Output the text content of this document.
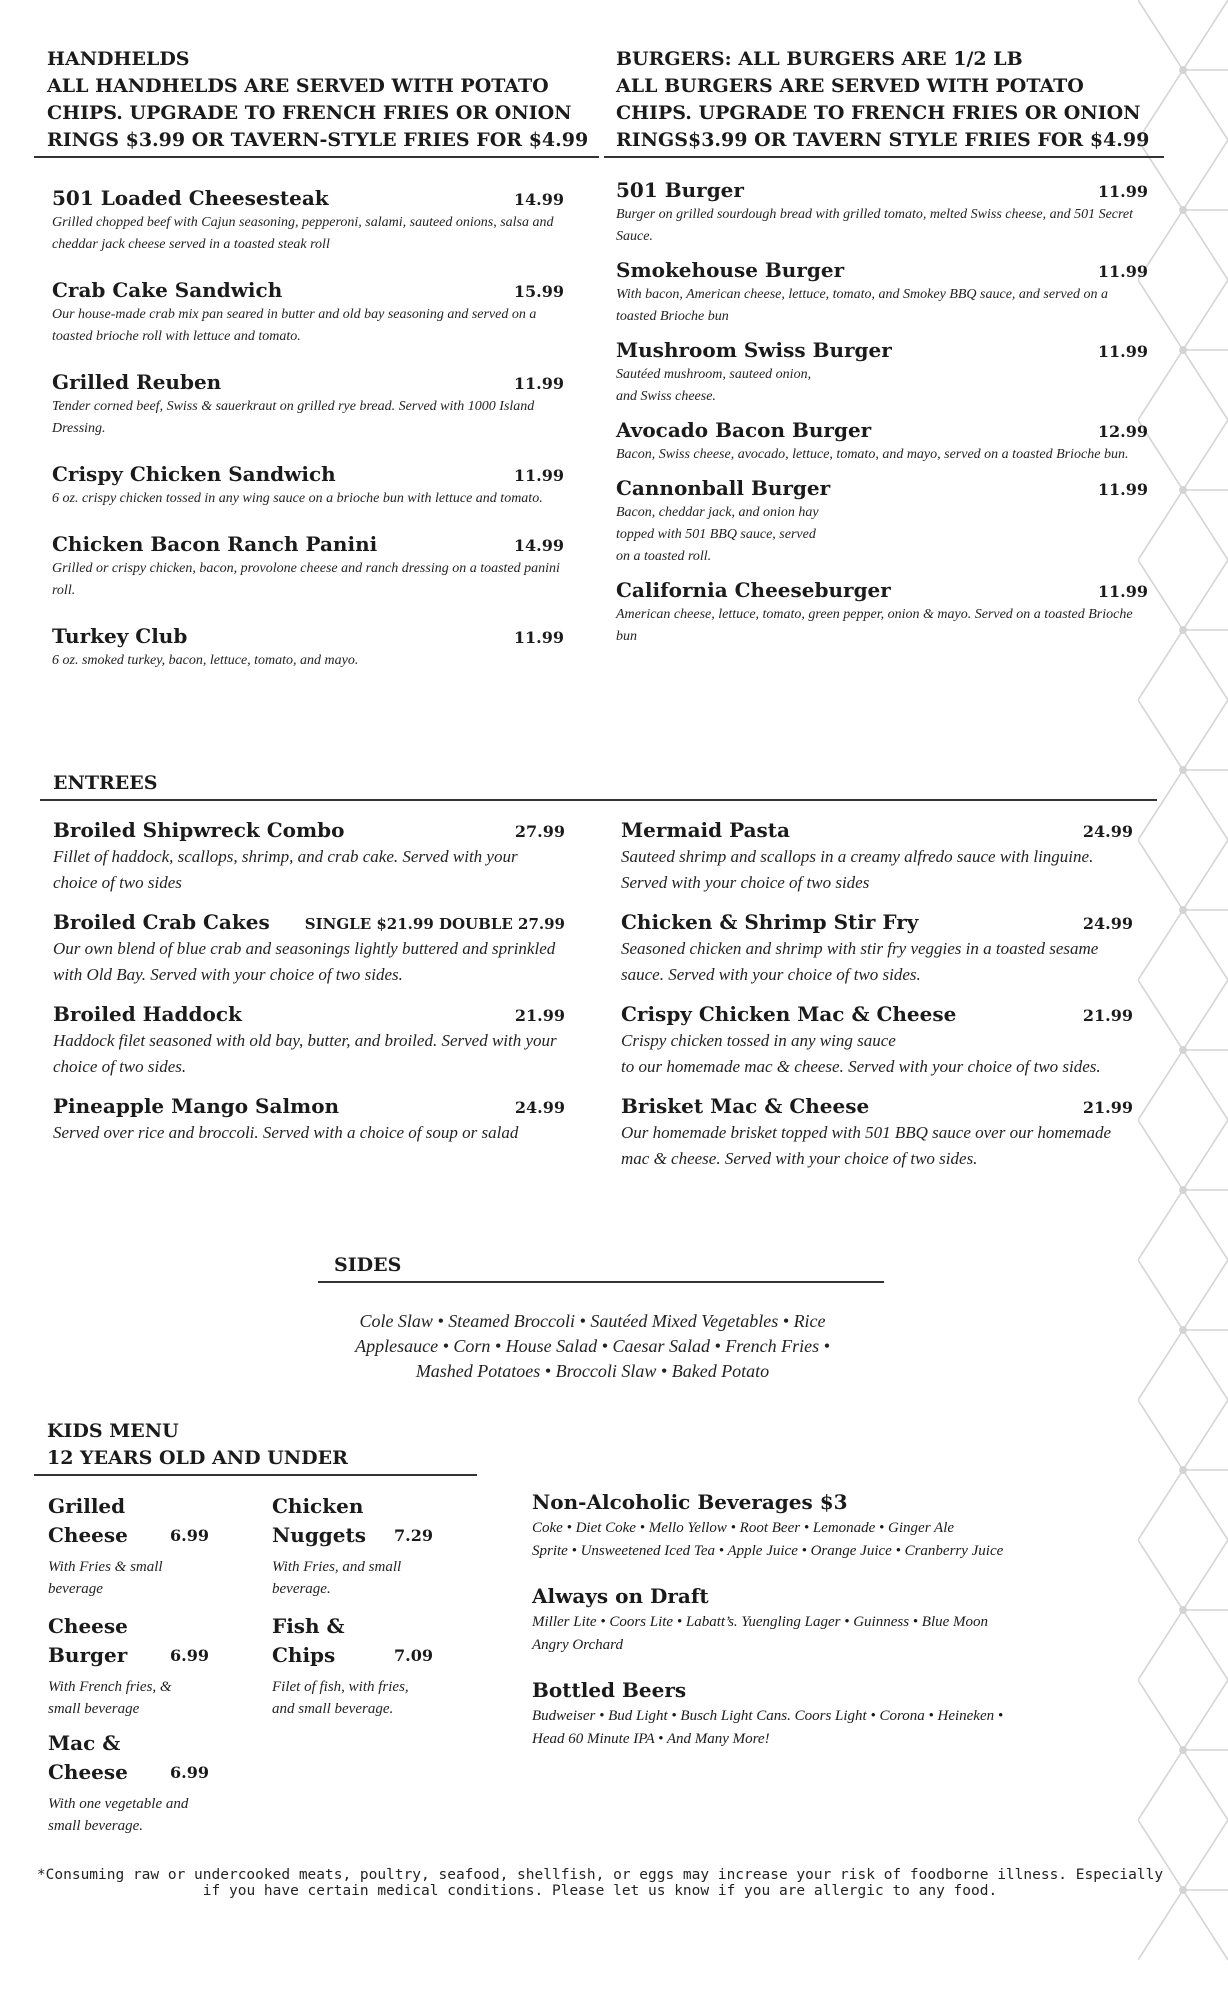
HANDHELDS
ALL HANDHELDS ARE SERVED WITH POTATO
CHIPS. UPGRADE TO FRENCH FRIES OR ONION
RINGS $3.99 OR TAVERN-STYLE FRIES FOR $4.99
501 Loaded Cheesesteak	14.99
Grilled chopped beef with Cajun seasoning, pepperoni, salami, sauteed onions, salsa and cheddar jack cheese served in a toasted steak roll
Crab Cake Sandwich	15.99
Our house-made crab mix pan seared in butter and old bay seasoning and served on a toasted brioche roll with lettuce and tomato.
Grilled Reuben	11.99
Tender corned beef, Swiss & sauerkraut on grilled rye bread. Served with 1000 Island Dressing.
Crispy Chicken Sandwich	11.99
6 oz. crispy chicken tossed in any wing sauce on a brioche bun with lettuce and tomato.
Chicken Bacon Ranch Panini	14.99
Grilled or crispy chicken, bacon, provolone cheese and ranch dressing on a toasted panini roll.
Turkey Club	11.99
6 oz. smoked turkey, bacon, lettuce, tomato, and mayo.
BURGERS: ALL BURGERS ARE 1/2 LB
ALL BURGERS ARE SERVED WITH POTATO
CHIPS. UPGRADE TO FRENCH FRIES OR ONION
RINGS$3.99 OR TAVERN STYLE FRIES FOR $4.99
501 Burger	11.99
Burger on grilled sourdough bread with grilled tomato, melted Swiss cheese, and 501 Secret Sauce.
Smokehouse Burger	11.99
With bacon, American cheese, lettuce, tomato, and Smokey BBQ sauce, and served on a toasted Brioche bun
Mushroom Swiss Burger	11.99
Sautéed mushroom, sauteed onion,
and Swiss cheese.
Avocado Bacon Burger	12.99
Bacon, Swiss cheese, avocado, lettuce, tomato, and mayo, served on a toasted Brioche bun.
Cannonball Burger	11.99
Bacon, cheddar jack, and onion hay
topped with 501 BBQ sauce, served
on a toasted roll.
California Cheeseburger	11.99
American cheese, lettuce, tomato, green pepper, onion & mayo. Served on a toasted Brioche bun
ENTREES
Broiled Shipwreck Combo	27.99
Fillet of haddock, scallops, shrimp, and crab cake. Served with your choice of two sides
Broiled Crab Cakes SINGLE $21.99 DOUBLE 27.99
Our own blend of blue crab and seasonings lightly buttered and sprinkled
with Old Bay. Served with your choice of two sides.
Broiled Haddock	21.99
Haddock filet seasoned with old bay, butter, and broiled. Served with your choice of two sides.
Pineapple Mango Salmon	24.99
Served over rice and broccoli. Served with a choice of soup or salad
Mermaid Pasta	24.99
Sauteed shrimp and scallops in a creamy alfredo sauce with linguine. Served with your choice of two sides
Chicken & Shrimp Stir Fry	24.99
Seasoned chicken and shrimp with stir fry veggies in a toasted sesame sauce. Served with your choice of two sides.
Crispy Chicken Mac & Cheese	21.99
Crispy chicken tossed in any wing sauce
to our homemade mac & cheese. Served with your choice of two sides.
Brisket Mac & Cheese	21.99
Our homemade brisket topped with 501 BBQ sauce over our homemade mac & cheese. Served with your choice of two sides.
SIDES
Cole Slaw • Steamed Broccoli • Sautéed Mixed Vegetables • Rice
Applesauce • Corn • House Salad • Caesar Salad • French Fries •
Mashed Potatoes • Broccoli Slaw • Baked Potato
KIDS MENU
12 YEARS OLD AND UNDER
Grilled
Cheese	6.99
With Fries & small
beverage
Chicken
Nuggets	7.29
With Fries, and small
beverage.
Cheese
Burger	6.99
With French fries, &
small beverage
Fish &
Chips	7.09
Filet of fish, with fries,
and small beverage.
Mac &
Cheese	6.99
With one vegetable and
small beverage.
Non-Alcoholic Beverages $3
Coke • Diet Coke • Mello Yellow • Root Beer • Lemonade • Ginger Ale
Sprite • Unsweetened Iced Tea • Apple Juice • Orange Juice • Cranberry Juice
Always on Draft
Miller Lite • Coors Lite • Labatt’s. Yuengling Lager • Guinness • Blue Moon
Angry Orchard
Bottled Beers
Budweiser • Bud Light • Busch Light Cans. Coors Light • Corona • Heineken •
Head 60 Minute IPA • And Many More!
*Consuming raw or undercooked meats, poultry, seafood, shellfish, or eggs may increase your risk of foodborne illness. Especially if you have certain medical conditions. Please let us know if you are allergic to any food.
